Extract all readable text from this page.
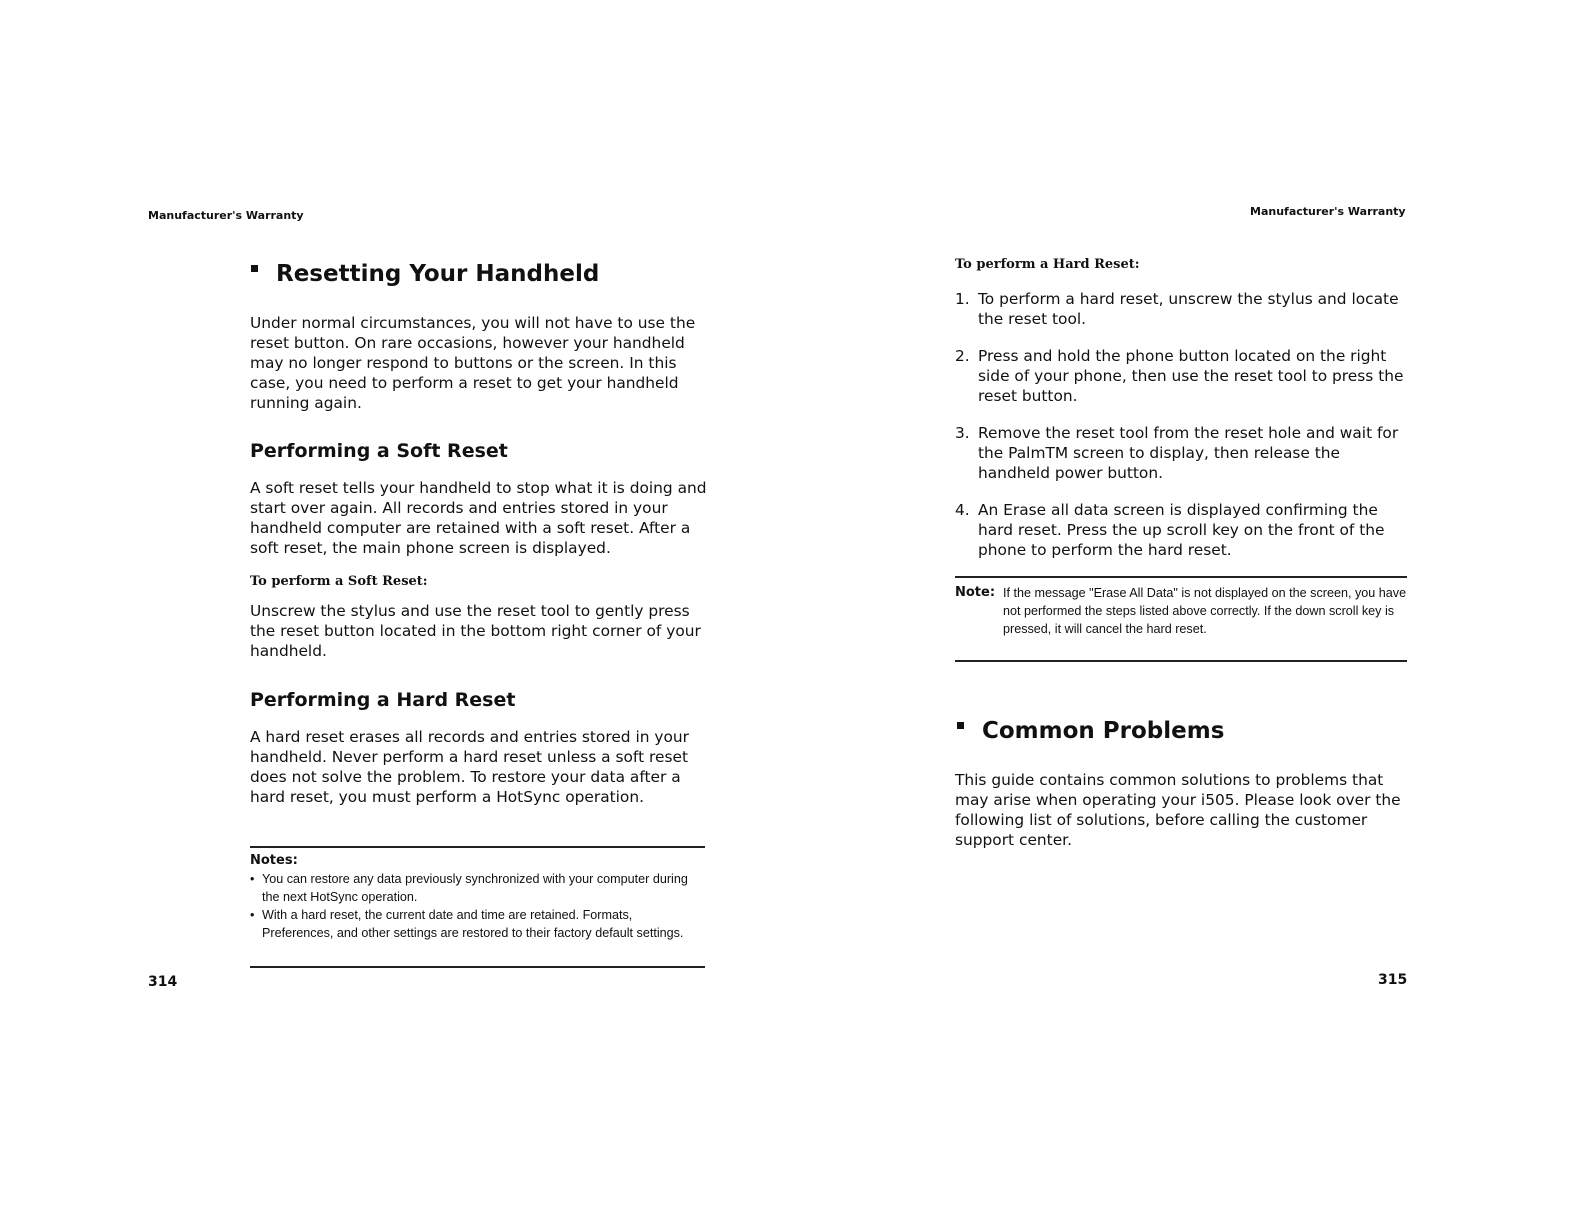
Manufacturer's Warranty
Resetting Your Handheld
Under normal circumstances, you will not have to use the reset button. On rare occasions, however your handheld may no longer respond to buttons or the screen. In this case, you need to perform a reset to get your handheld running again.
Performing a Soft Reset
A soft reset tells your handheld to stop what it is doing and start over again. All records and entries stored in your handheld computer are retained with a soft reset. After a soft reset, the main phone screen is displayed.
To perform a Soft Reset:
Unscrew the stylus and use the reset tool to gently press the reset button located in the bottom right corner of your handheld.
Performing a Hard Reset
A hard reset erases all records and entries stored in your handheld. Never perform a hard reset unless a soft reset does not solve the problem. To restore your data after a hard reset, you must perform a HotSync operation.
Notes:
• You can restore any data previously synchronized with your computer during the next HotSync operation.
• With a hard reset, the current date and time are retained. Formats, Preferences, and other settings are restored to their factory default settings.
314
Manufacturer's Warranty
To perform a Hard Reset:
1. To perform a hard reset, unscrew the stylus and locate the reset tool.
2. Press and hold the phone button located on the right side of your phone, then use the reset tool to press the reset button.
3. Remove the reset tool from the reset hole and wait for the PalmTM screen to display, then release the handheld power button.
4. An Erase all data screen is displayed confirming the hard reset. Press the up scroll key on the front of the phone to perform the hard reset.
Note: If the message "Erase All Data" is not displayed on the screen, you have not performed the steps listed above correctly. If the down scroll key is pressed, it will cancel the hard reset.
Common Problems
This guide contains common solutions to problems that may arise when operating your i505. Please look over the following list of solutions, before calling the customer support center.
315
